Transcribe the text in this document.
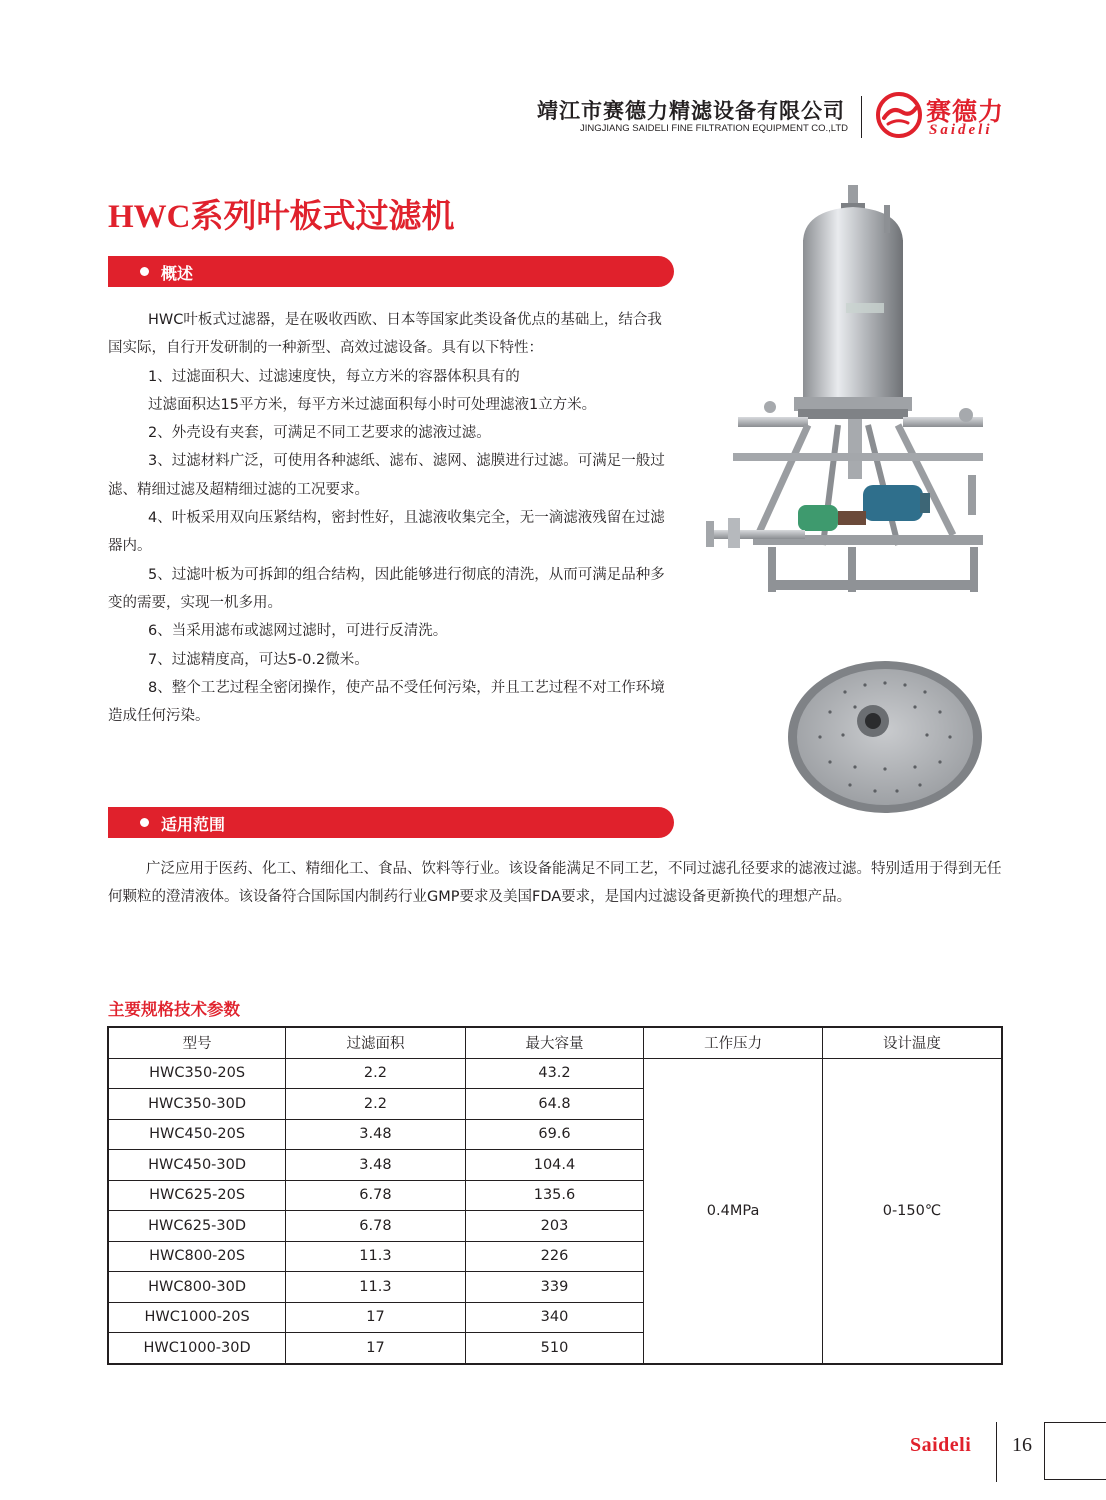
靖江市赛德力精滤设备有限公司
JINGJIANG SAIDELI FINE FILTRATION EQUIPMENT CO.,LTD
赛德力
Saideli
HWC系列叶板式过滤机
概述

HWC叶板式过滤器，是在吸收西欧、日本等国家此类设备优点的基础上，结合我国实际，自行开发研制的一种新型、高效过滤设备。具有以下特性：

1、过滤面积大、过滤速度快，每立方米的容器体积具有的

过滤面积达15平方米，每平方米过滤面积每小时可处理滤液1立方米。

2、外壳设有夹套，可满足不同工艺要求的滤液过滤。

3、过滤材料广泛，可使用各种滤纸、滤布、滤网、滤膜进行过滤。可满足一般过滤、精细过滤及超精细过滤的工况要求。

4、叶板采用双向压紧结构，密封性好，且滤液收集完全，无一滴滤液残留在过滤器内。

5、过滤叶板为可拆卸的组合结构，因此能够进行彻底的清洗，从而可满足品种多变的需要，实现一机多用。

6、当采用滤布或滤网过滤时，可进行反清洗。

7、过滤精度高，可达5-0.2微米。

8、整个工艺过程全密闭操作，使产品不受任何污染，并且工艺过程不对工作环境造成任何污染。

适用范围
广泛应用于医药、化工、精细化工、食品、饮料等行业。该设备能满足不同工艺，不同过滤孔径要求的滤液过滤。特别适用于得到无任何颗粒的澄清液体。该设备符合国际国内制药行业GMP要求及美国FDA要求，是国内过滤设备更新换代的理想产品。
主要规格技术参数
型号	过滤面积	最大容量	工作压力	设计温度
HWC350-20S	2.2	43.2	0.4MPa	0-150℃
HWC350-30D	2.2	64.8		
HWC450-20S	3.48	69.6		
HWC450-30D	3.48	104.4		
HWC625-20S	6.78	135.6		
HWC625-30D	6.78	203		
HWC800-20S	11.3	226		
HWC800-30D	11.3	339		
HWC1000-20S	17	340		
HWC1000-30D	17	510		
Saideli 16
